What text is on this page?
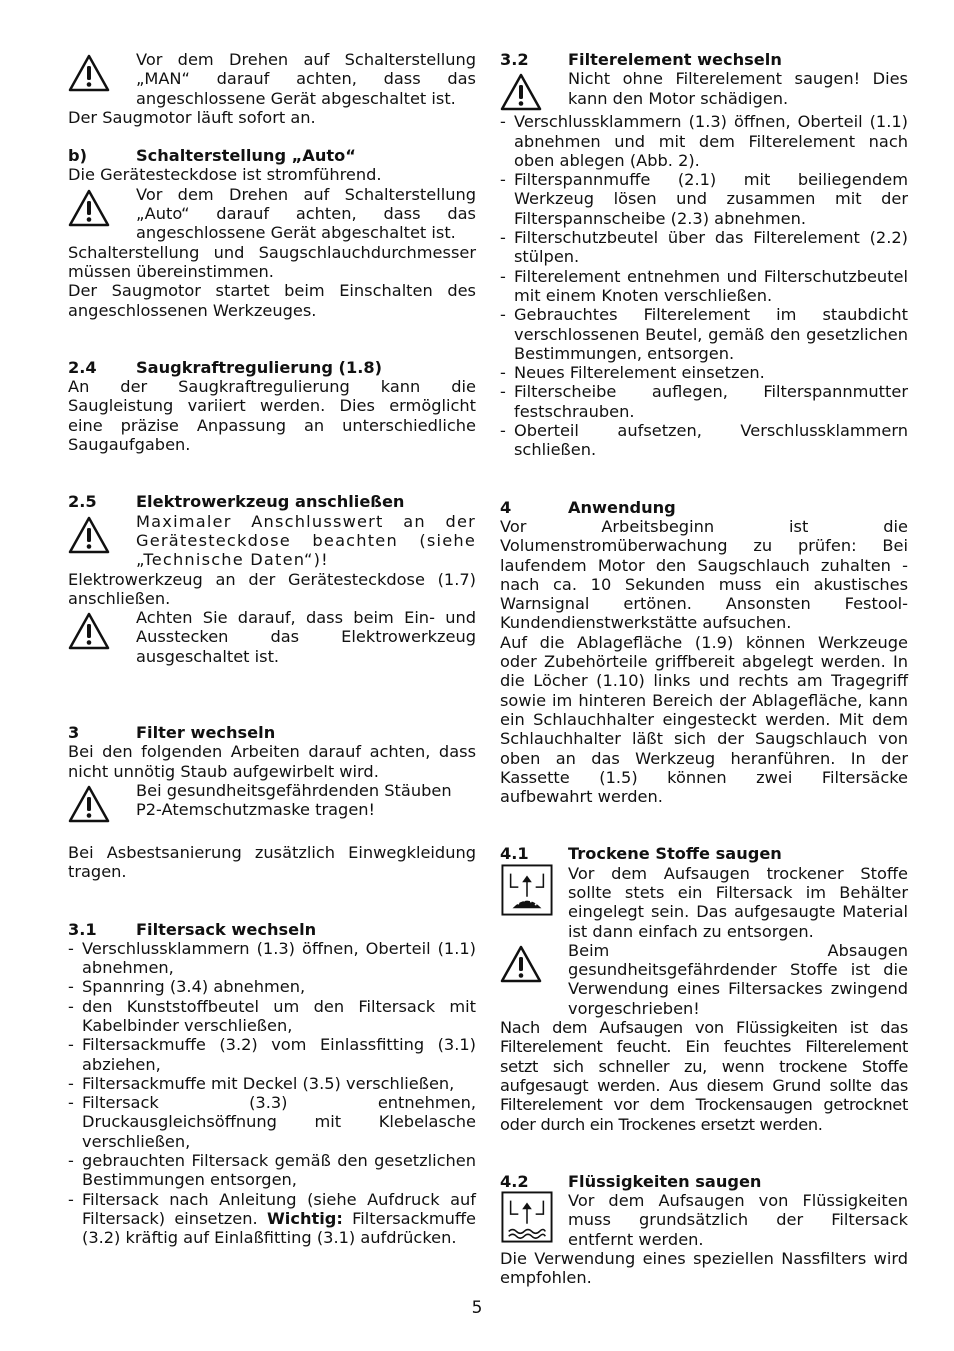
Vor dem Drehen auf Schalterstellung „MAN“ darauf achten, dass das angeschlossene Gerät abgeschaltet ist.

Der Saugmotor läuft sofort an.

b)	Schalterstellung „Auto“

Die Gerätesteckdose ist stromführend.

Vor dem Drehen auf Schalterstellung „Auto“ darauf achten, dass das angeschlossene Gerät abgeschaltet ist.

Schalterstellung und Saugschlauchdurchmesser müssen übereinstimmen.

Der Saugmotor startet beim Einschalten des angeschlossenen Werkzeuges.

2.4	Saugkraftregulierung (1.8)

An der Saugkraftregulierung kann die Saugleistung variiert werden. Dies ermöglicht eine präzise Anpassung an unterschiedliche Saugaufgaben.

2.5	Elektrowerkzeug anschließen
Maximaler Anschlusswert an der Gerätesteckdose beachten (siehe „Technische Daten“)!

Elektrowerkzeug an der Gerätesteckdose (1.7) anschließen.

Achten Sie darauf, dass beim Ein- und Ausstecken das Elektrowerkzeug ausgeschaltet ist.
3	Filter wechseln

Bei den folgenden Arbeiten darauf achten, dass nicht unnötig Staub aufgewirbelt wird.

Bei gesundheitsgefährdenden Stäuben P2-Atemschutzmaske tragen!

Bei Asbestsanierung zusätzlich Einwegkleidung tragen.

3.1	Filtersack wechseln
- Verschlussklammern (1.3) öffnen, Oberteil (1.1) abnehmen,
- Spannring (3.4) abnehmen,
- den Kunststoffbeutel um den Filtersack mit Kabelbinder verschließen,
- Filtersackmuffe (3.2) vom Einlassfitting (3.1) abziehen,
- Filtersackmuffe mit Deckel (3.5) verschließen,
- Filtersack (3.3) entnehmen, Druckausgleichsöffnung mit Klebelasche verschließen,
- gebrauchten Filtersack gemäß den gesetzlichen Bestimmungen entsorgen,
- Filtersack nach Anleitung (siehe Aufdruck auf Filtersack) einsetzen. Wichtig: Filtersackmuffe (3.2) kräftig auf Einlaßfitting (3.1) aufdrücken.
3.2	Filterelement wechseln
Nicht ohne Filterelement saugen! Dies kann den Motor schädigen.
- Verschlussklammern (1.3) öffnen, Oberteil (1.1) abnehmen und mit dem Filterelement nach oben ablegen (Abb. 2).
- Filterspannmuffe (2.1) mit beiliegendem Werkzeug lösen und zusammen mit der Filterspannscheibe (2.3) abnehmen.
- Filterschutzbeutel über das Filterelement (2.2) stülpen.
- Filterelement entnehmen und Filterschutzbeutel mit einem Knoten verschließen.
- Gebrauchtes Filterelement im staubdicht verschlossenen Beutel, gemäß den gesetzlichen Bestimmungen, entsorgen.
- Neues Filterelement einsetzen.
- Filterscheibe auflegen, Filterspannmutter festschrauben.
- Oberteil aufsetzen, Verschlussklammern schließen.
4	Anwendung

Vor Arbeitsbeginn ist die Volumenstromüberwachung zu prüfen: Bei laufendem Motor den Saugschlauch zuhalten - nach ca. 10 Sekunden muss ein akustisches Warnsignal ertönen. Ansonsten Festool-Kundendienstwerkstätte aufsuchen.

Auf die Ablagefläche (1.9) können Werkzeuge oder Zubehörteile griffbereit abgelegt werden. In die Löcher (1.10) links und rechts am Tragegriff sowie im hinteren Bereich der Ablagefläche, kann ein Schlauchhalter eingesteckt werden. Mit dem Schlauchhalter läßt sich der Saugschlauch von oben an das Werkzeug heranführen. In der Kassette (1.5) können zwei Filtersäcke aufbewahrt werden.

4.1	Trockene Stoffe saugen
Vor dem Aufsaugen trockener Stoffe sollte stets ein Filtersack im Behälter eingelegt sein. Das aufgesaugte Material ist dann einfach zu entsorgen.
Beim Absaugen gesundheitsgefährdender Stoffe ist die Verwendung eines Filtersackes zwingend vorgeschrieben!

Nach dem Aufsaugen von Flüssigkeiten ist das Filterelement feucht. Ein feuchtes Filterelement setzt sich schneller zu, wenn trockene Stoffe aufgesaugt werden. Aus diesem Grund sollte das Filterelement vor dem Trockensaugen getrocknet oder durch ein Trockenes ersetzt werden.

4.2	Flüssigkeiten saugen
Vor dem Aufsaugen von Flüssigkeiten muss grundsätzlich der Filtersack entfernt werden.

Die Verwendung eines speziellen Nassfilters wird empfohlen.

5
